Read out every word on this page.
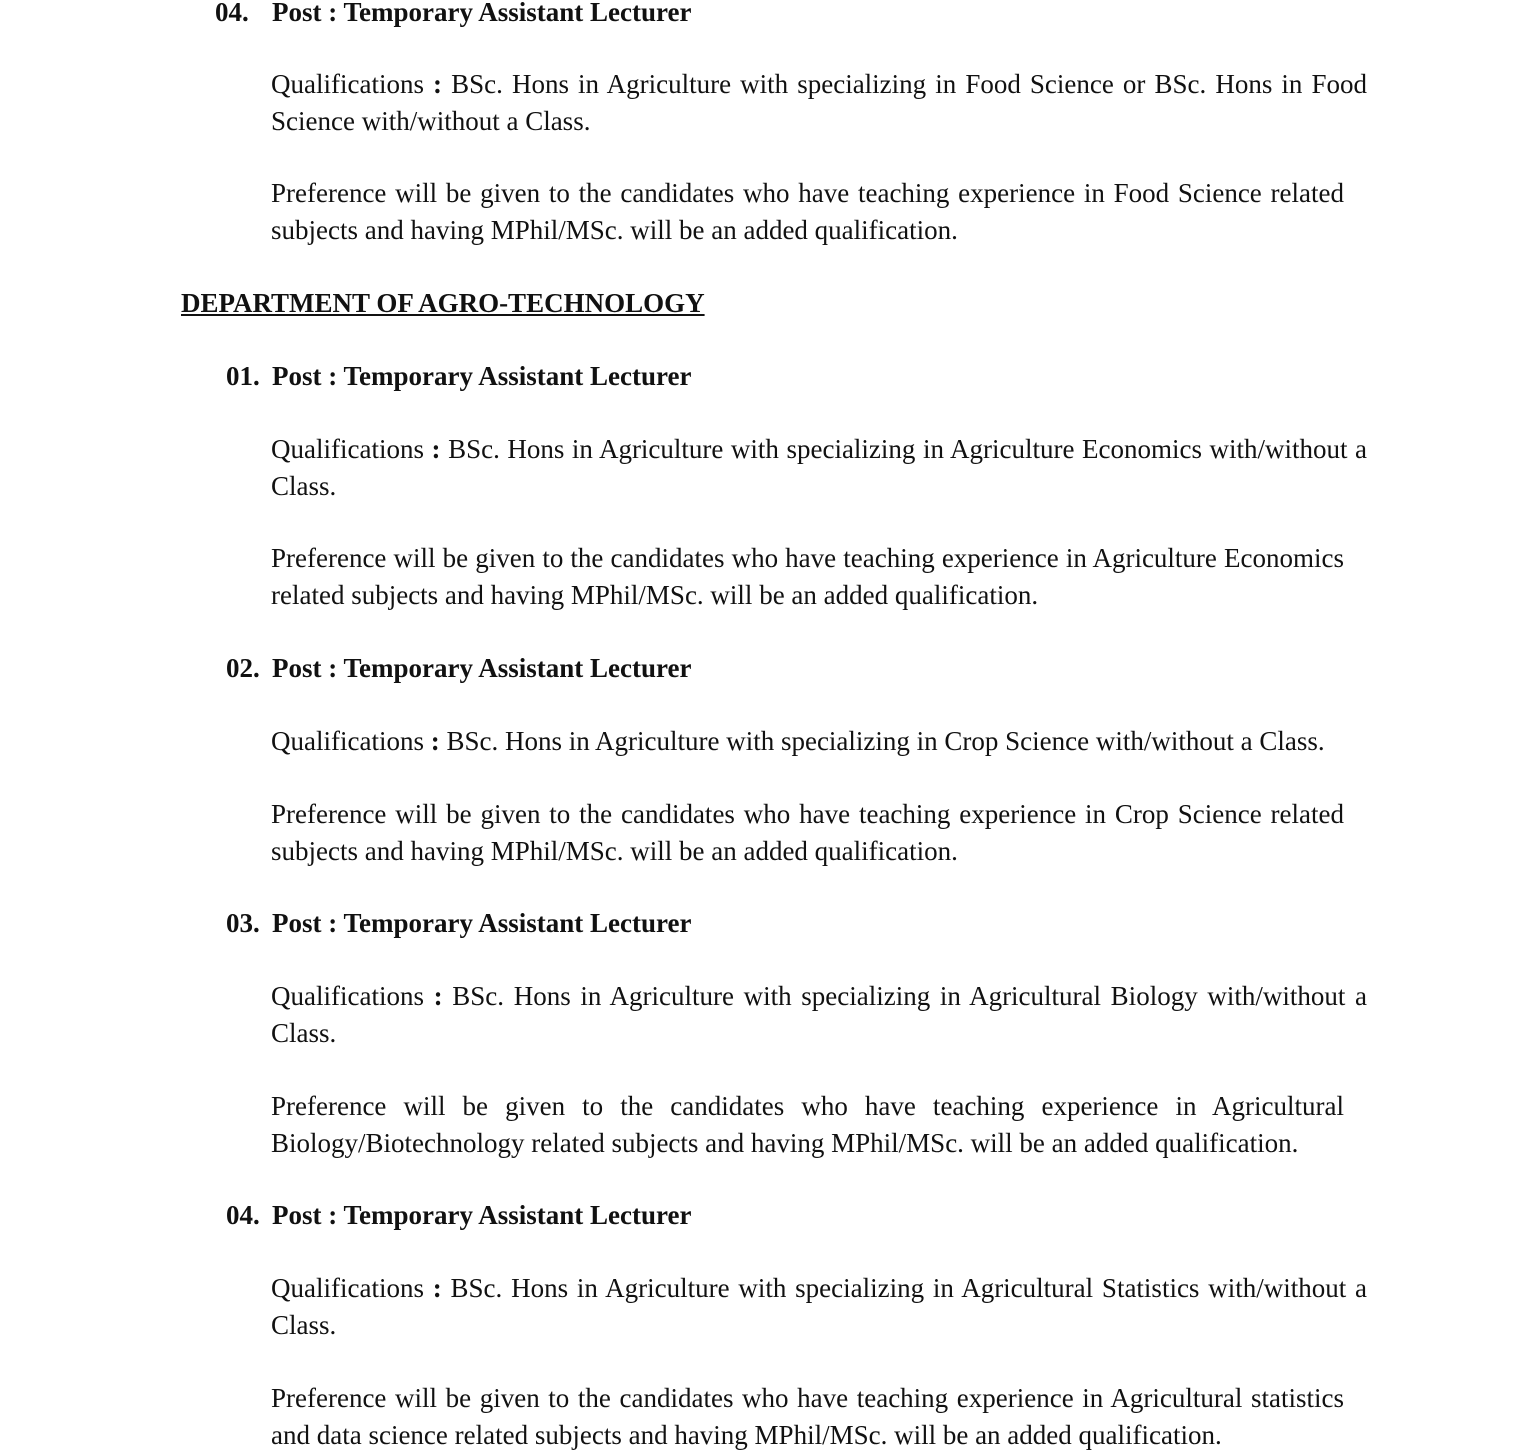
04. Post : Temporary Assistant Lecturer
Qualifications : BSc. Hons in Agriculture with specializing in Food Science or BSc. Hons in Food Science with/without a Class.
Preference will be given to the candidates who have teaching experience in Food Science related subjects and having MPhil/MSc. will be an added qualification.
DEPARTMENT OF AGRO-TECHNOLOGY
01. Post : Temporary Assistant Lecturer
Qualifications : BSc. Hons in Agriculture with specializing in Agriculture Economics with/without a Class.
Preference will be given to the candidates who have teaching experience in Agriculture Economics related subjects and having MPhil/MSc. will be an added qualification.
02. Post : Temporary Assistant Lecturer
Qualifications : BSc. Hons in Agriculture with specializing in Crop Science with/without a Class.
Preference will be given to the candidates who have teaching experience in Crop Science related subjects and having MPhil/MSc. will be an added qualification.
03. Post : Temporary Assistant Lecturer
Qualifications : BSc. Hons in Agriculture with specializing in Agricultural Biology with/without a Class.
Preference will be given to the candidates who have teaching experience in Agricultural Biology/Biotechnology related subjects and having MPhil/MSc. will be an added qualification.
04. Post : Temporary Assistant Lecturer
Qualifications : BSc. Hons in Agriculture with specializing in Agricultural Statistics with/without a Class.
Preference will be given to the candidates who have teaching experience in Agricultural statistics and data science related subjects and having MPhil/MSc. will be an added qualification.
